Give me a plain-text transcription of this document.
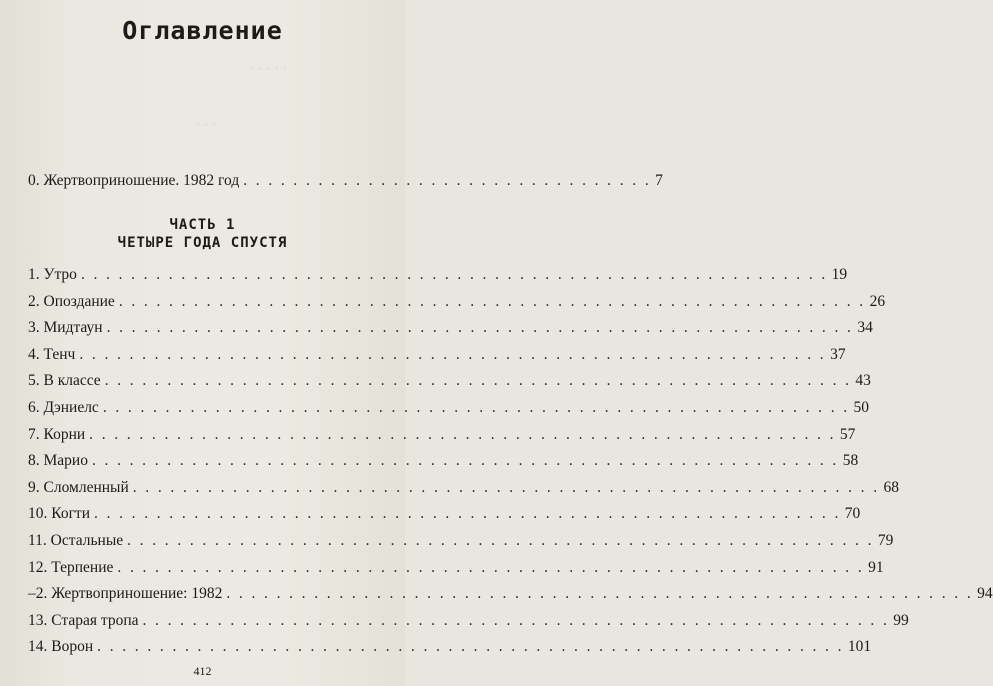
· · · · ·
· · ·
Оглавление
0. Жертвоприношение. 1982 год . . . . . . . . . . . . . . . . . . . . . . . . . . . . . . . . . 7
ЧАСТЬ 1
ЧЕТЫРЕ ГОДА СПУСТЯ
1. Утро . . . . . . . . . . . . . . . . . . . . . . . . . . . . . . . . . . . . . . . . . . . . . . . . . . . . . . . . . . . . 19
2. Опоздание . . . . . . . . . . . . . . . . . . . . . . . . . . . . . . . . . . . . . . . . . . . . . . . . . . . . . . . . . . . . 26
3. Мидтаун . . . . . . . . . . . . . . . . . . . . . . . . . . . . . . . . . . . . . . . . . . . . . . . . . . . . . . . . . . . . 34
4. Тенч . . . . . . . . . . . . . . . . . . . . . . . . . . . . . . . . . . . . . . . . . . . . . . . . . . . . . . . . . . . . 37
5. В классе . . . . . . . . . . . . . . . . . . . . . . . . . . . . . . . . . . . . . . . . . . . . . . . . . . . . . . . . . . . . 43
6. Дэниелс . . . . . . . . . . . . . . . . . . . . . . . . . . . . . . . . . . . . . . . . . . . . . . . . . . . . . . . . . . . . 50
7. Корни . . . . . . . . . . . . . . . . . . . . . . . . . . . . . . . . . . . . . . . . . . . . . . . . . . . . . . . . . . . . 57
8. Марио . . . . . . . . . . . . . . . . . . . . . . . . . . . . . . . . . . . . . . . . . . . . . . . . . . . . . . . . . . . . 58
9. Сломленный . . . . . . . . . . . . . . . . . . . . . . . . . . . . . . . . . . . . . . . . . . . . . . . . . . . . . . . . . . . . 68
10. Когти . . . . . . . . . . . . . . . . . . . . . . . . . . . . . . . . . . . . . . . . . . . . . . . . . . . . . . . . . . . . 70
11. Остальные . . . . . . . . . . . . . . . . . . . . . . . . . . . . . . . . . . . . . . . . . . . . . . . . . . . . . . . . . . . . 79
12. Терпение . . . . . . . . . . . . . . . . . . . . . . . . . . . . . . . . . . . . . . . . . . . . . . . . . . . . . . . . . . . . 91
–2. Жертвоприношение: 1982 . . . . . . . . . . . . . . . . . . . . . . . . . . . . . . . . . . . . . . . . . . . . . . . . . . . . . . . . . . . . 94
13. Старая тропа . . . . . . . . . . . . . . . . . . . . . . . . . . . . . . . . . . . . . . . . . . . . . . . . . . . . . . . . . . . . 99
14. Ворон . . . . . . . . . . . . . . . . . . . . . . . . . . . . . . . . . . . . . . . . . . . . . . . . . . . . . . . . . . . . 101
412
